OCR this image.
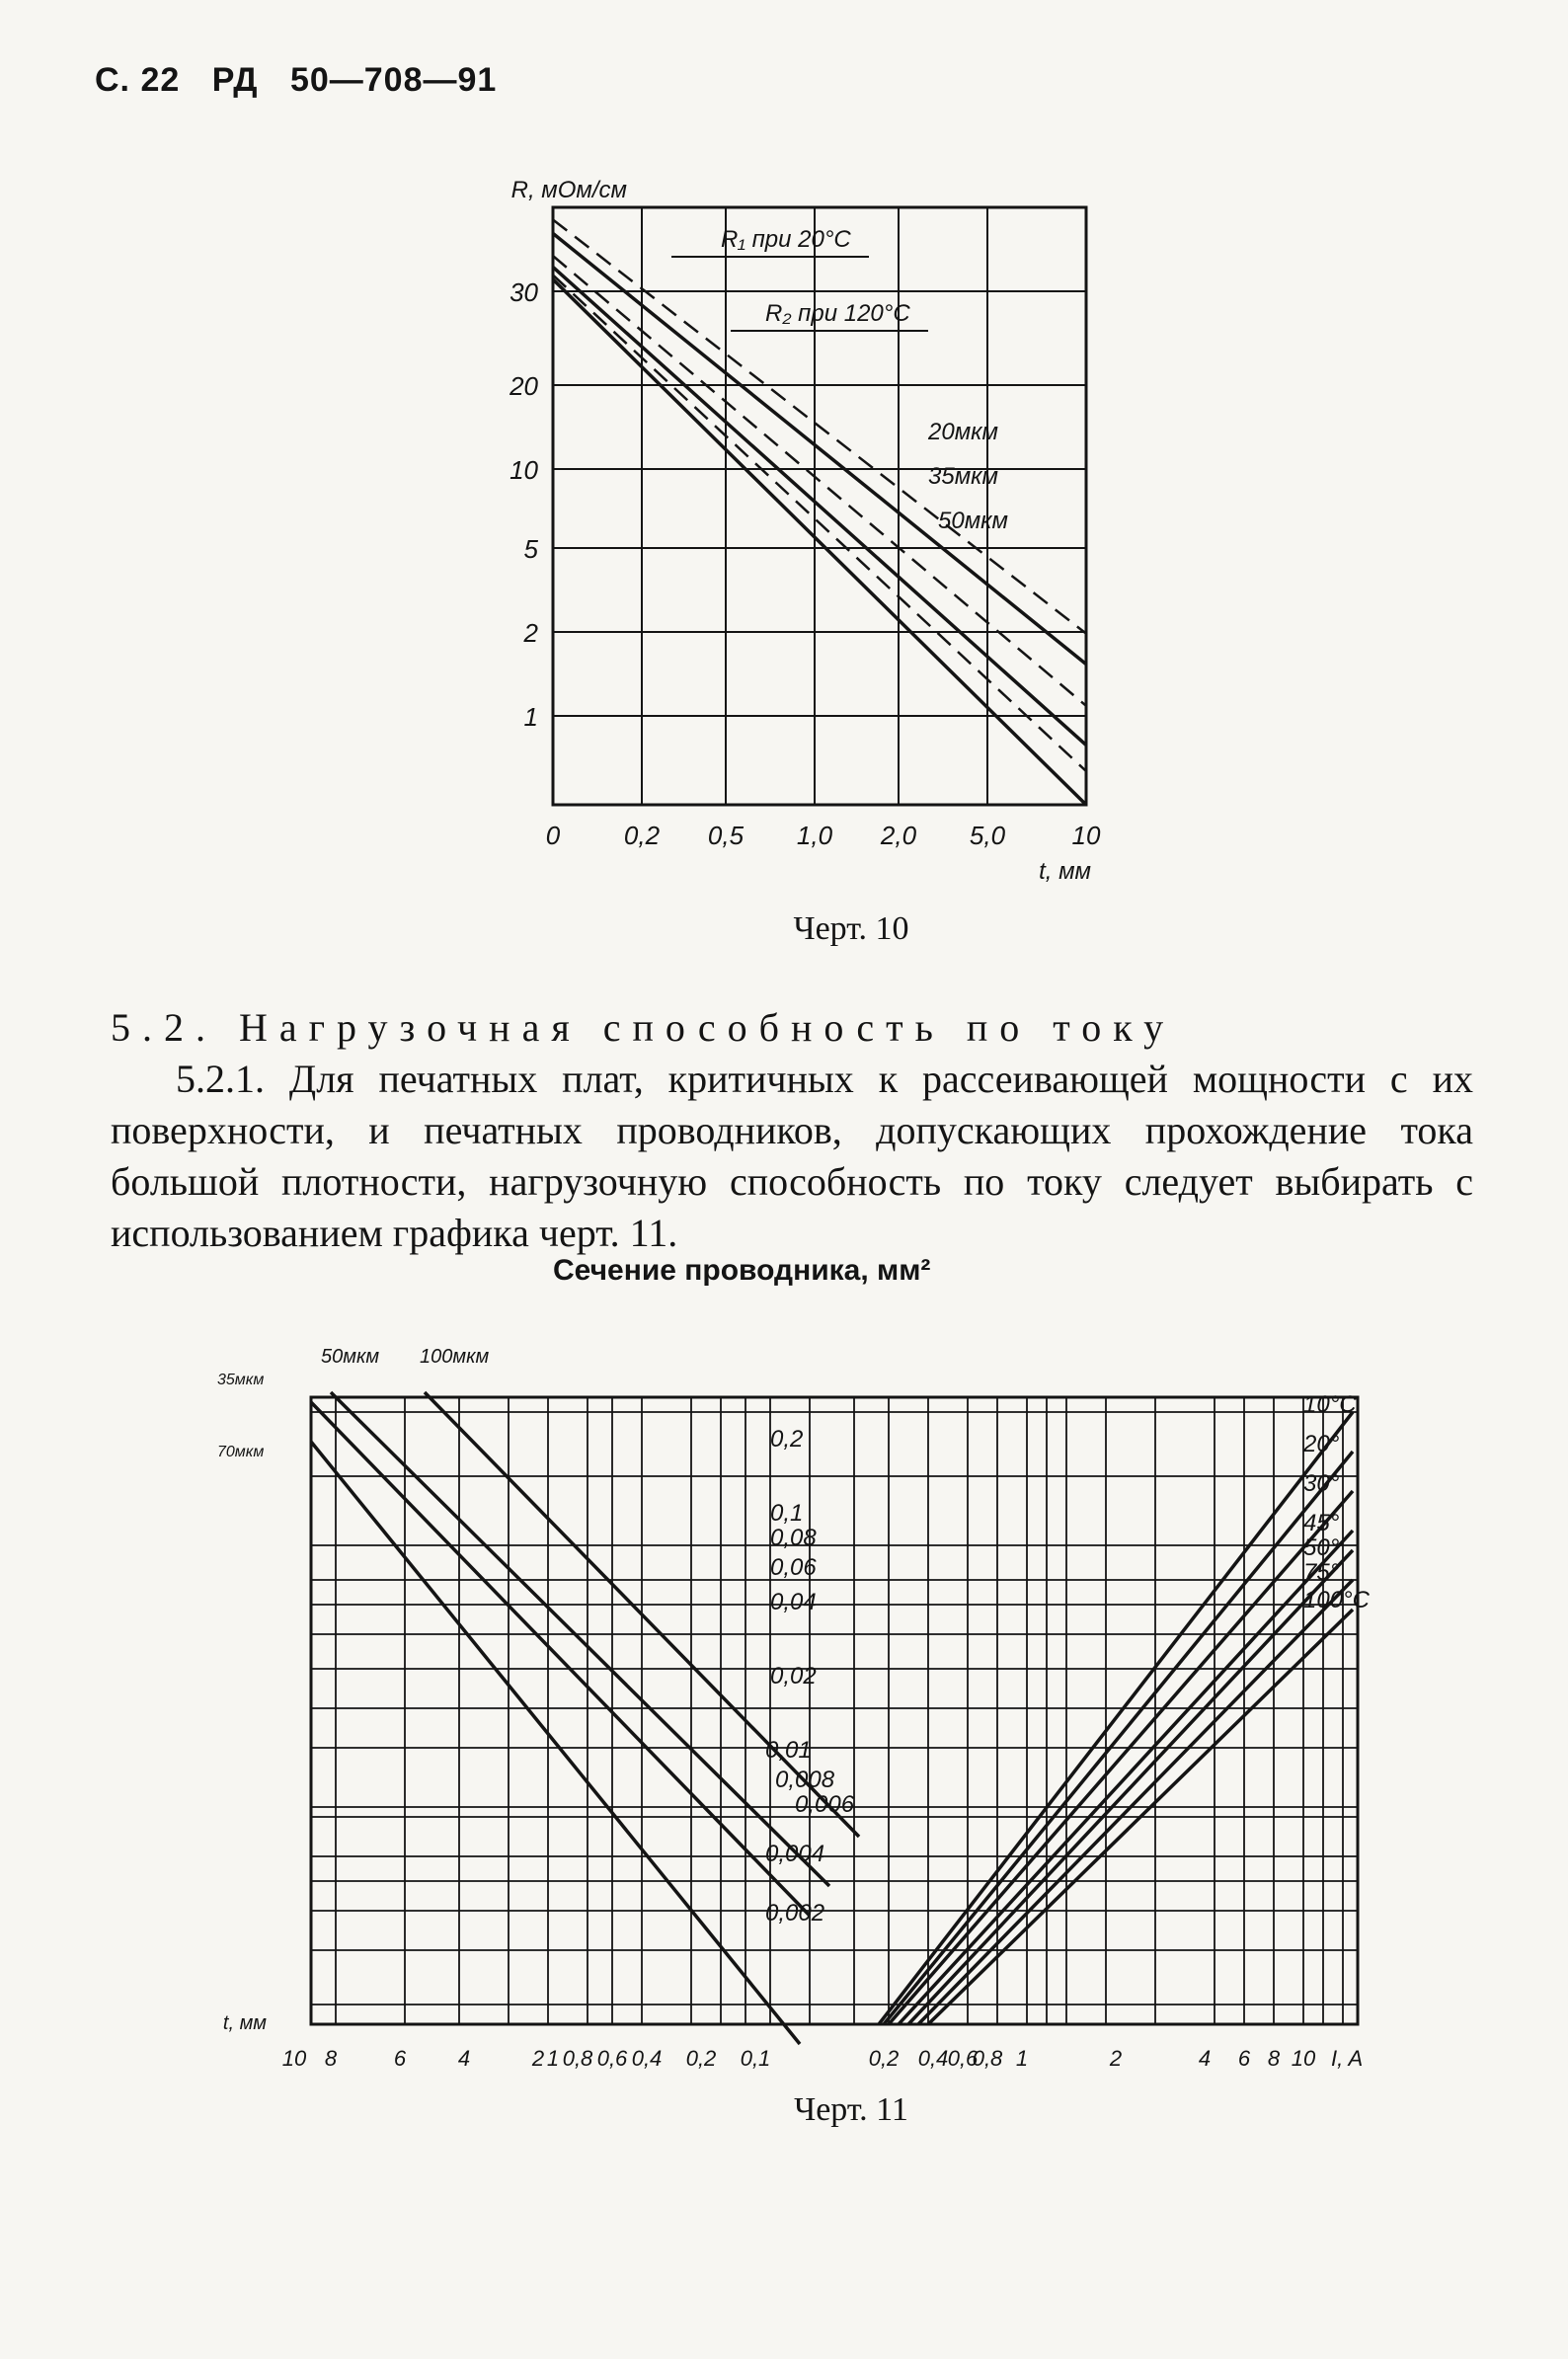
С. 22 РД 50—708—91
R, мОм/см
30
20
10
5
2
1
0 0,2 0,5 1,0 2,0 5,0	10
t, мм
R₁ при 20°С
R₂ при 120°С
20мкм
35мкм
50мкм
Черт. 10
5.2. Нагрузочная способность по току
5.2.1. Для печатных плат, критичных к рассеивающей мощности с их поверхности, и печатных проводников, допускающих прохождение тока большой плотности, нагрузочную способность по току следует выбирать с использованием графика черт. 11.
Сечение проводника, мм²
t, мм
10 8	6 4	2 1 0,8 0,6 0,4 0,2 0,1	0,2 0,4 0,6
0,8 1	2	4 6 8 10 I, A
35мкм
70мкм
50мкм 100мкм
0,2
0,1
0,08
0,06
0,04
0,02
0,01
0,008
0,006
0,004
0,002
10°С
20°
30°
45°
50°
75°
100°С
Черт. 11
